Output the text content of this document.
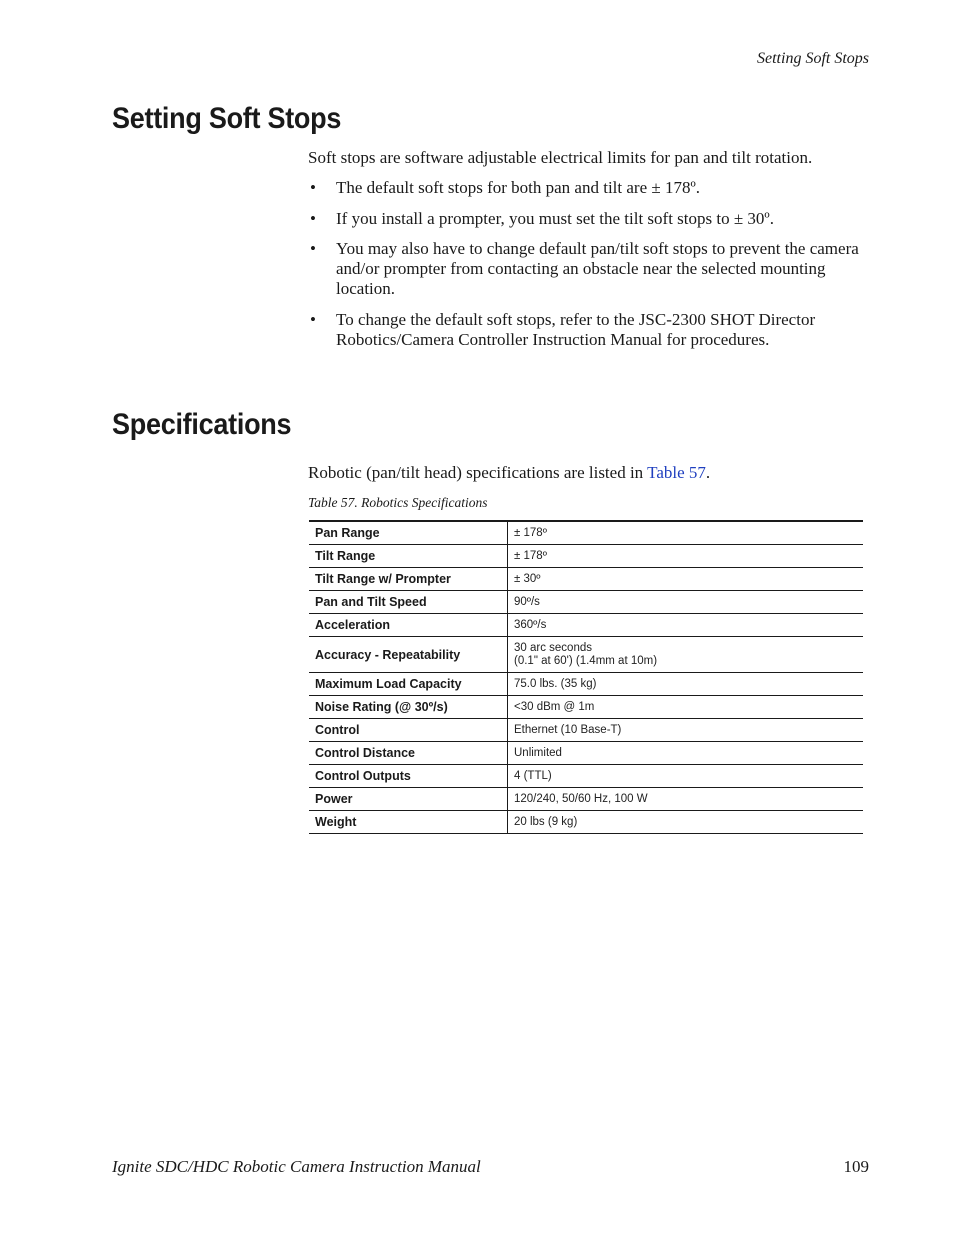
Setting Soft Stops
Setting Soft Stops

Soft stops are software adjustable electrical limits for pan and tilt rotation.

• The default soft stops for both pan and tilt are ± 178º.
• If you install a prompter, you must set the tilt soft stops to ± 30º.
• You may also have to change default pan/tilt soft stops to prevent the camera and/or prompter from contacting an obstacle near the selected mounting location.
• To change the default soft stops, refer to the JSC-2300 SHOT Director Robotics/Camera Controller Instruction Manual for procedures.
Specifications

Robotic (pan/tilt head) specifications are listed in Table 57.

Table 57. Robotics Specifications
Pan Range	± 178º

Tilt Range	± 178º

Tilt Range w/ Prompter	± 30º

Pan and Tilt Speed	90º/s

Acceleration	360º/s

Accuracy - Repeatability	30 arc seconds
(0.1" at 60') (1.4mm at 10m)

Maximum Load Capacity	75.0 lbs. (35 kg)

Noise Rating (@ 30º/s)	<30 dBm @ 1m

Control	Ethernet (10 Base-T)

Control Distance	Unlimited

Control Outputs	4 (TTL)

Power	120/240, 50/60 Hz, 100 W

Weight	20 lbs (9 kg)
Ignite SDC/HDC Robotic Camera Instruction Manual	109
